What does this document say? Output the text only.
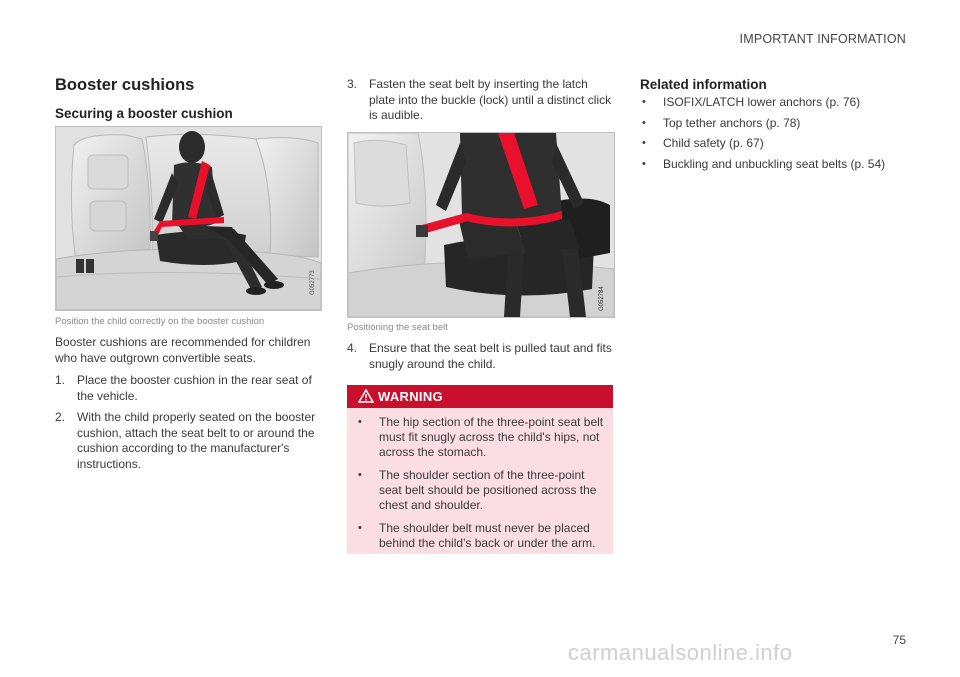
IMPORTANT INFORMATION
Booster cushions
Securing a booster cushion
G052773
Position the child correctly on the booster cushion
Booster cushions are recommended for children who have outgrown convertible seats.
1. Place the booster cushion in the rear seat of the vehicle.
2. With the child properly seated on the booster cushion, attach the seat belt to or around the cushion according to the manufacturer's instructions.
3. Fasten the seat belt by inserting the latch plate into the buckle (lock) until a distinct click is audible.
G052784
Positioning the seat belt
4. Ensure that the seat belt is pulled taut and fits snugly around the child.
WARNING
• The hip section of the three-point seat belt must fit snugly across the child's hips, not across the stomach.
• The shoulder section of the three-point seat belt should be positioned across the chest and shoulder.
• The shoulder belt must never be placed behind the child's back or under the arm.
Related information
• ISOFIX/LATCH lower anchors (p. 76)
• Top tether anchors (p. 78)
• Child safety (p. 67)
• Buckling and unbuckling seat belts (p. 54)
75
carmanualsonline.info
